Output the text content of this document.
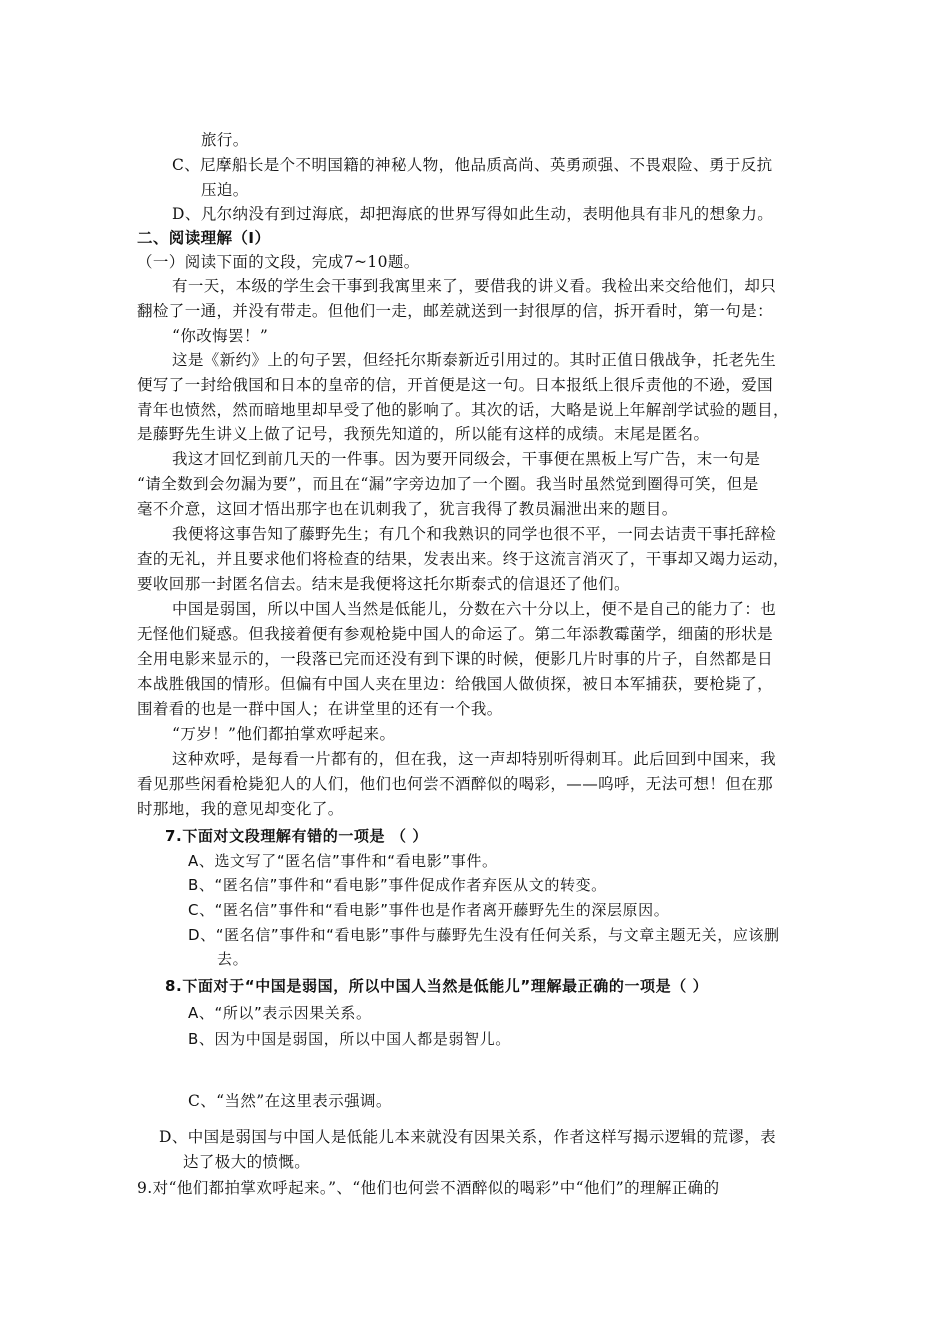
旅行。
C、尼摩船长是个不明国籍的神秘人物，他品质高尚、英勇顽强、不畏艰险、勇于反抗
压迫。
D、凡尔纳没有到过海底，却把海底的世界写得如此生动，表明他具有非凡的想象力。
二、阅读理解（Ⅰ）
（一）阅读下面的文段，完成7~10题。
有一天，本级的学生会干事到我寓里来了，要借我的讲义看。我检出来交给他们，却只
翻检了一通，并没有带走。但他们一走，邮差就送到一封很厚的信，拆开看时，第一句是：
“你改悔罢！”
这是《新约》上的句子罢，但经托尔斯泰新近引用过的。其时正值日俄战争，托老先生
便写了一封给俄国和日本的皇帝的信，开首便是这一句。日本报纸上很斥责他的不逊，爱国
青年也愤然，然而暗地里却早受了他的影响了。其次的话，大略是说上年解剖学试验的题目，
是藤野先生讲义上做了记号，我预先知道的，所以能有这样的成绩。末尾是匿名。
我这才回忆到前几天的一件事。因为要开同级会，干事便在黑板上写广告，末一句是
“请全数到会勿漏为要”，而且在“漏”字旁边加了一个圈。我当时虽然觉到圈得可笑，但是
毫不介意，这回才悟出那字也在讥刺我了，犹言我得了教员漏泄出来的题目。
我便将这事告知了藤野先生；有几个和我熟识的同学也很不平，一同去诘责干事托辞检
查的无礼，并且要求他们将检查的结果，发表出来。终于这流言消灭了，干事却又竭力运动，
要收回那一封匿名信去。结末是我便将这托尔斯泰式的信退还了他们。
中国是弱国，所以中国人当然是低能儿，分数在六十分以上，便不是自己的能力了：也
无怪他们疑惑。但我接着便有参观枪毙中国人的命运了。第二年添教霉菌学，细菌的形状是
全用电影来显示的，一段落已完而还没有到下课的时候，便影几片时事的片子，自然都是日
本战胜俄国的情形。但偏有中国人夹在里边：给俄国人做侦探，被日本军捕获，要枪毙了，
围着看的也是一群中国人；在讲堂里的还有一个我。
“万岁！”他们都拍掌欢呼起来。
这种欢呼，是每看一片都有的，但在我，这一声却特别听得刺耳。此后回到中国来，我
看见那些闲看枪毙犯人的人们，他们也何尝不酒醉似的喝彩，——呜呼，无法可想！但在那
时那地，我的意见却变化了。
7.下面对文段理解有错的一项是 （ ）
A、选文写了“匿名信”事件和“看电影”事件。
B、“匿名信”事件和“看电影”事件促成作者弃医从文的转变。
C、“匿名信”事件和“看电影”事件也是作者离开藤野先生的深层原因。
D、“匿名信”事件和“看电影”事件与藤野先生没有任何关系，与文章主题无关，应该删
去。
8.下面对于“中国是弱国，所以中国人当然是低能儿”理解最正确的一项是（ ）
A、“所以”表示因果关系。
B、因为中国是弱国，所以中国人都是弱智儿。
C、“当然”在这里表示强调。
D、中国是弱国与中国人是低能儿本来就没有因果关系，作者这样写揭示逻辑的荒谬，表
达了极大的愤慨。
9.对“他们都拍掌欢呼起来。”、“他们也何尝不酒醉似的喝彩”中“他们”的理解正确的
